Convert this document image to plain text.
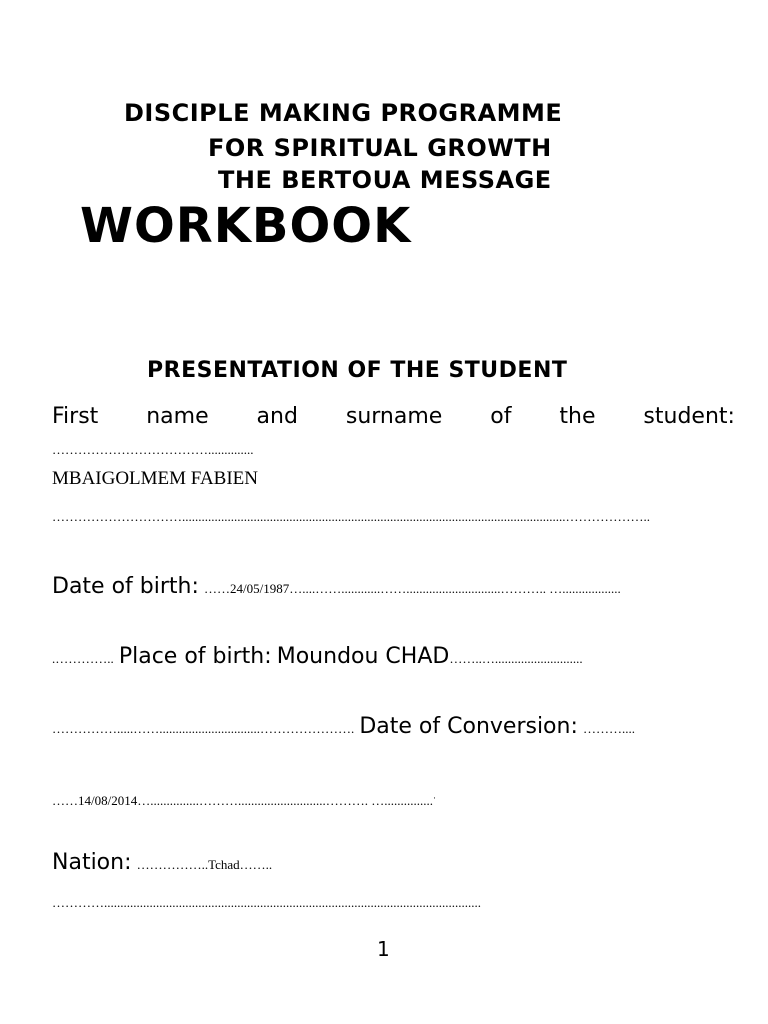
DISCIPLE MAKING PROGRAMME
FOR SPIRITUAL GROWTH
THE BERTOUA MESSAGE
WORKBOOK
PRESENTATION OF THE STUDENT
First name and surname of the student:
………………………………..............
MBAIGOLMEM FABIEN
…………………………......................................................................................................................………………..
Date of birth: ……24/05/1987…....……............…….............................……….. …..................
.………….. Place of birth: Moundou CHAD……..…...........................
…………….....……...............................…………………. Date of Conversion: ………....
……14/08/2014…...............………...........................………. …...............·
Nation: ……………..Tchad……..
…………....................................................................................................................
1
